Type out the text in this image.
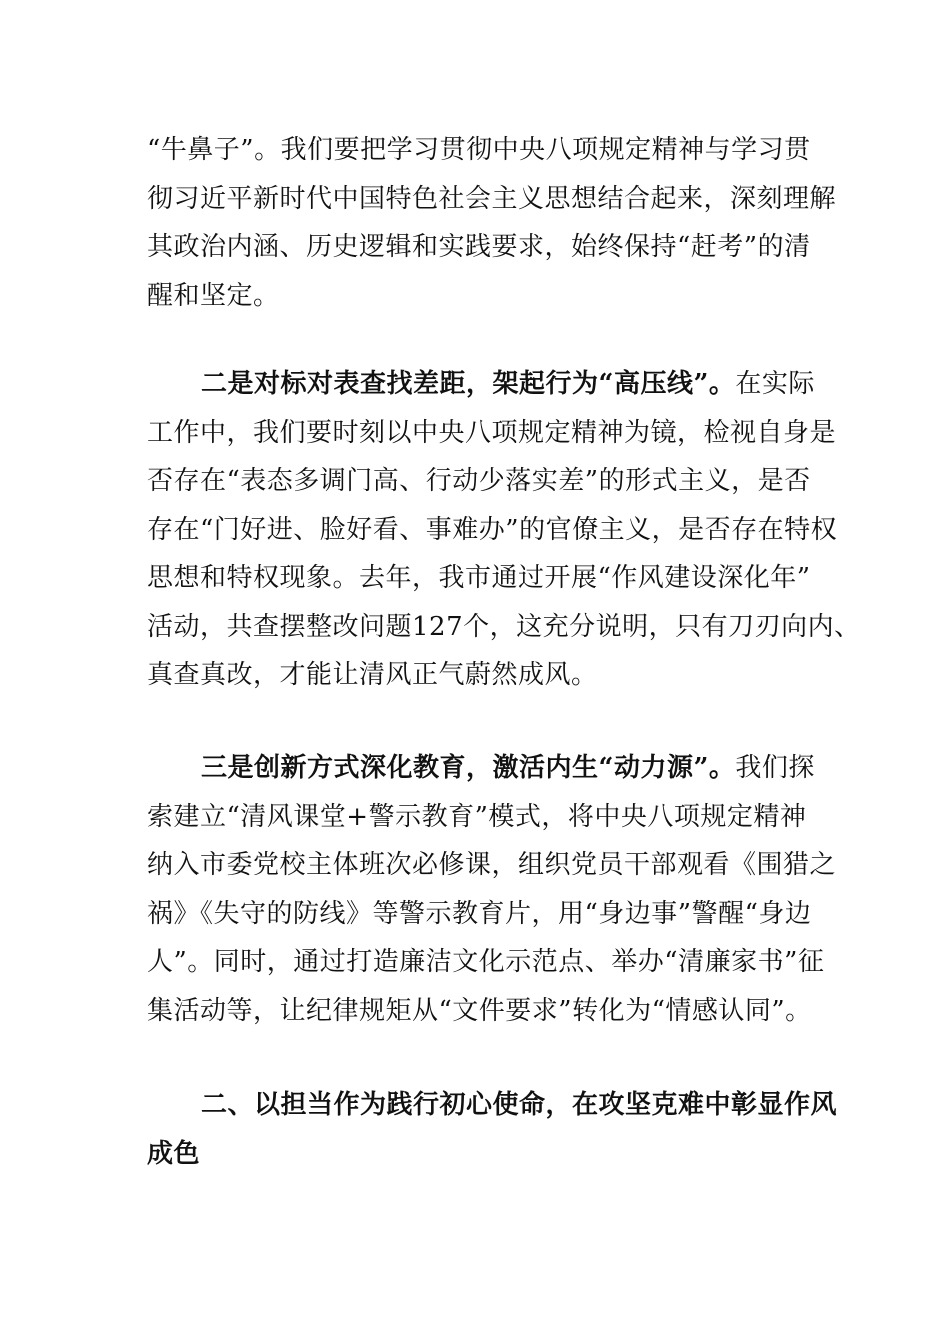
“牛鼻子”。我们要把学习贯彻中央八项规定精神与学习贯
彻习近平新时代中国特色社会主义思想结合起来，深刻理解
其政治内涵、历史逻辑和实践要求，始终保持“赶考”的清
醒和坚定。
二是对标对表查找差距，架起行为“高压线”。在实际
工作中，我们要时刻以中央八项规定精神为镜，检视自身是
否存在“表态多调门高、行动少落实差”的形式主义，是否
存在“门好进、脸好看、事难办”的官僚主义，是否存在特权
思想和特权现象。去年，我市通过开展“作风建设深化年”
活动，共查摆整改问题127个，这充分说明，只有刀刃向内、
真查真改，才能让清风正气蔚然成风。
三是创新方式深化教育，激活内生“动力源”。我们探
索建立“清风课堂+警示教育”模式，将中央八项规定精神
纳入市委党校主体班次必修课，组织党员干部观看《围猎之
祸》《失守的防线》等警示教育片，用“身边事”警醒“身边
人”。同时，通过打造廉洁文化示范点、举办“清廉家书”征
集活动等，让纪律规矩从“文件要求”转化为“情感认同”。
二、以担当作为践行初心使命，在攻坚克难中彰显作风
成色
